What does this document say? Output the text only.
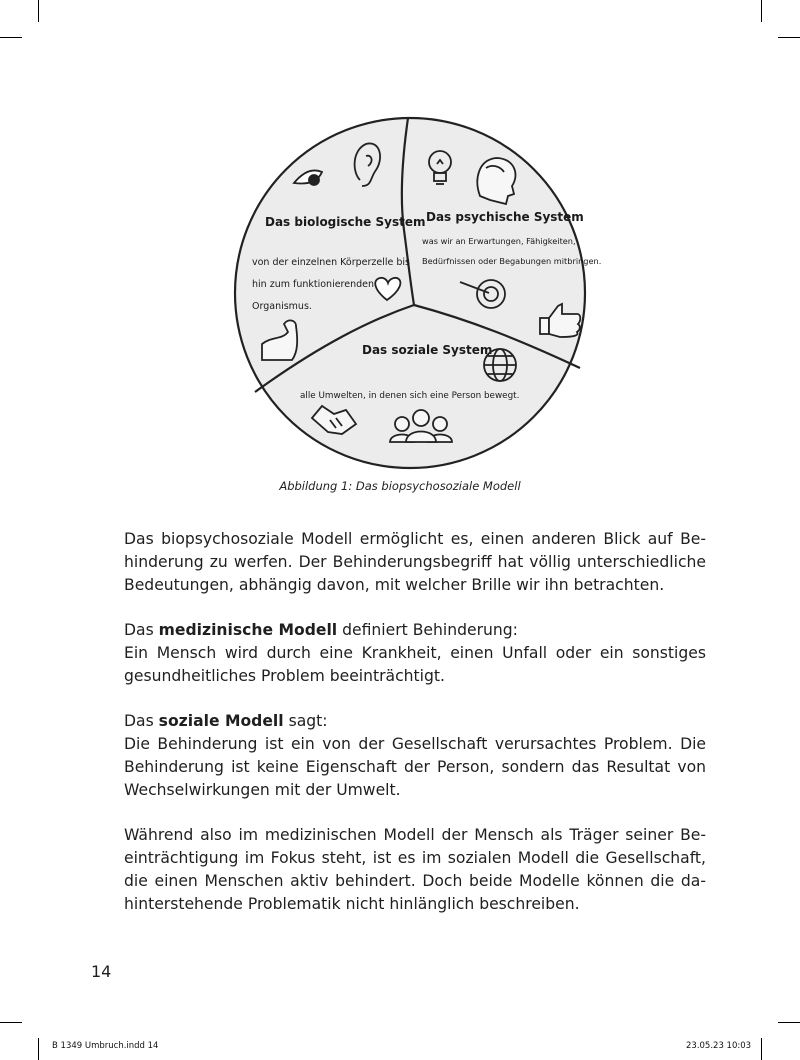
Das biologische System
von der einzelnen Körperzelle bis
hin zum funktionierenden
Organismus.
Das psychische System
was wir an Erwartungen, Fähigkeiten,
Bedürfnissen oder Begabungen mitbringen.
Das soziale System
alle Umwelten, in denen sich eine Person bewegt.
Abbildung 1: Das biopsychosoziale Modell

Das biopsychosoziale Modell ermöglicht es, einen anderen Blick auf Be-
hinderung zu werfen. Der Behinderungsbegriff hat völlig unterschiedliche
Bedeutungen, abhängig davon, mit welcher Brille wir ihn betrachten.

Das medizinische Modell definiert Behinderung:
Ein Mensch wird durch eine Krankheit, einen Unfall oder ein sonstiges
gesundheitliches Problem beeinträchtigt.

Das soziale Modell sagt:
Die Behinderung ist ein von der Gesellschaft verursachtes Problem. Die
Behinderung ist keine Eigenschaft der Person, sondern das Resultat von
Wechselwirkungen mit der Umwelt.

Während also im medizinischen Modell der Mensch als Träger seiner Be-
einträchtigung im Fokus steht, ist es im sozialen Modell die Gesellschaft,
die einen Menschen aktiv behindert. Doch beide Modelle können die da-
hinterstehende Problematik nicht hinlänglich beschreiben.

14
B 1349 Umbruch.indd 14	23.05.23 10:03
